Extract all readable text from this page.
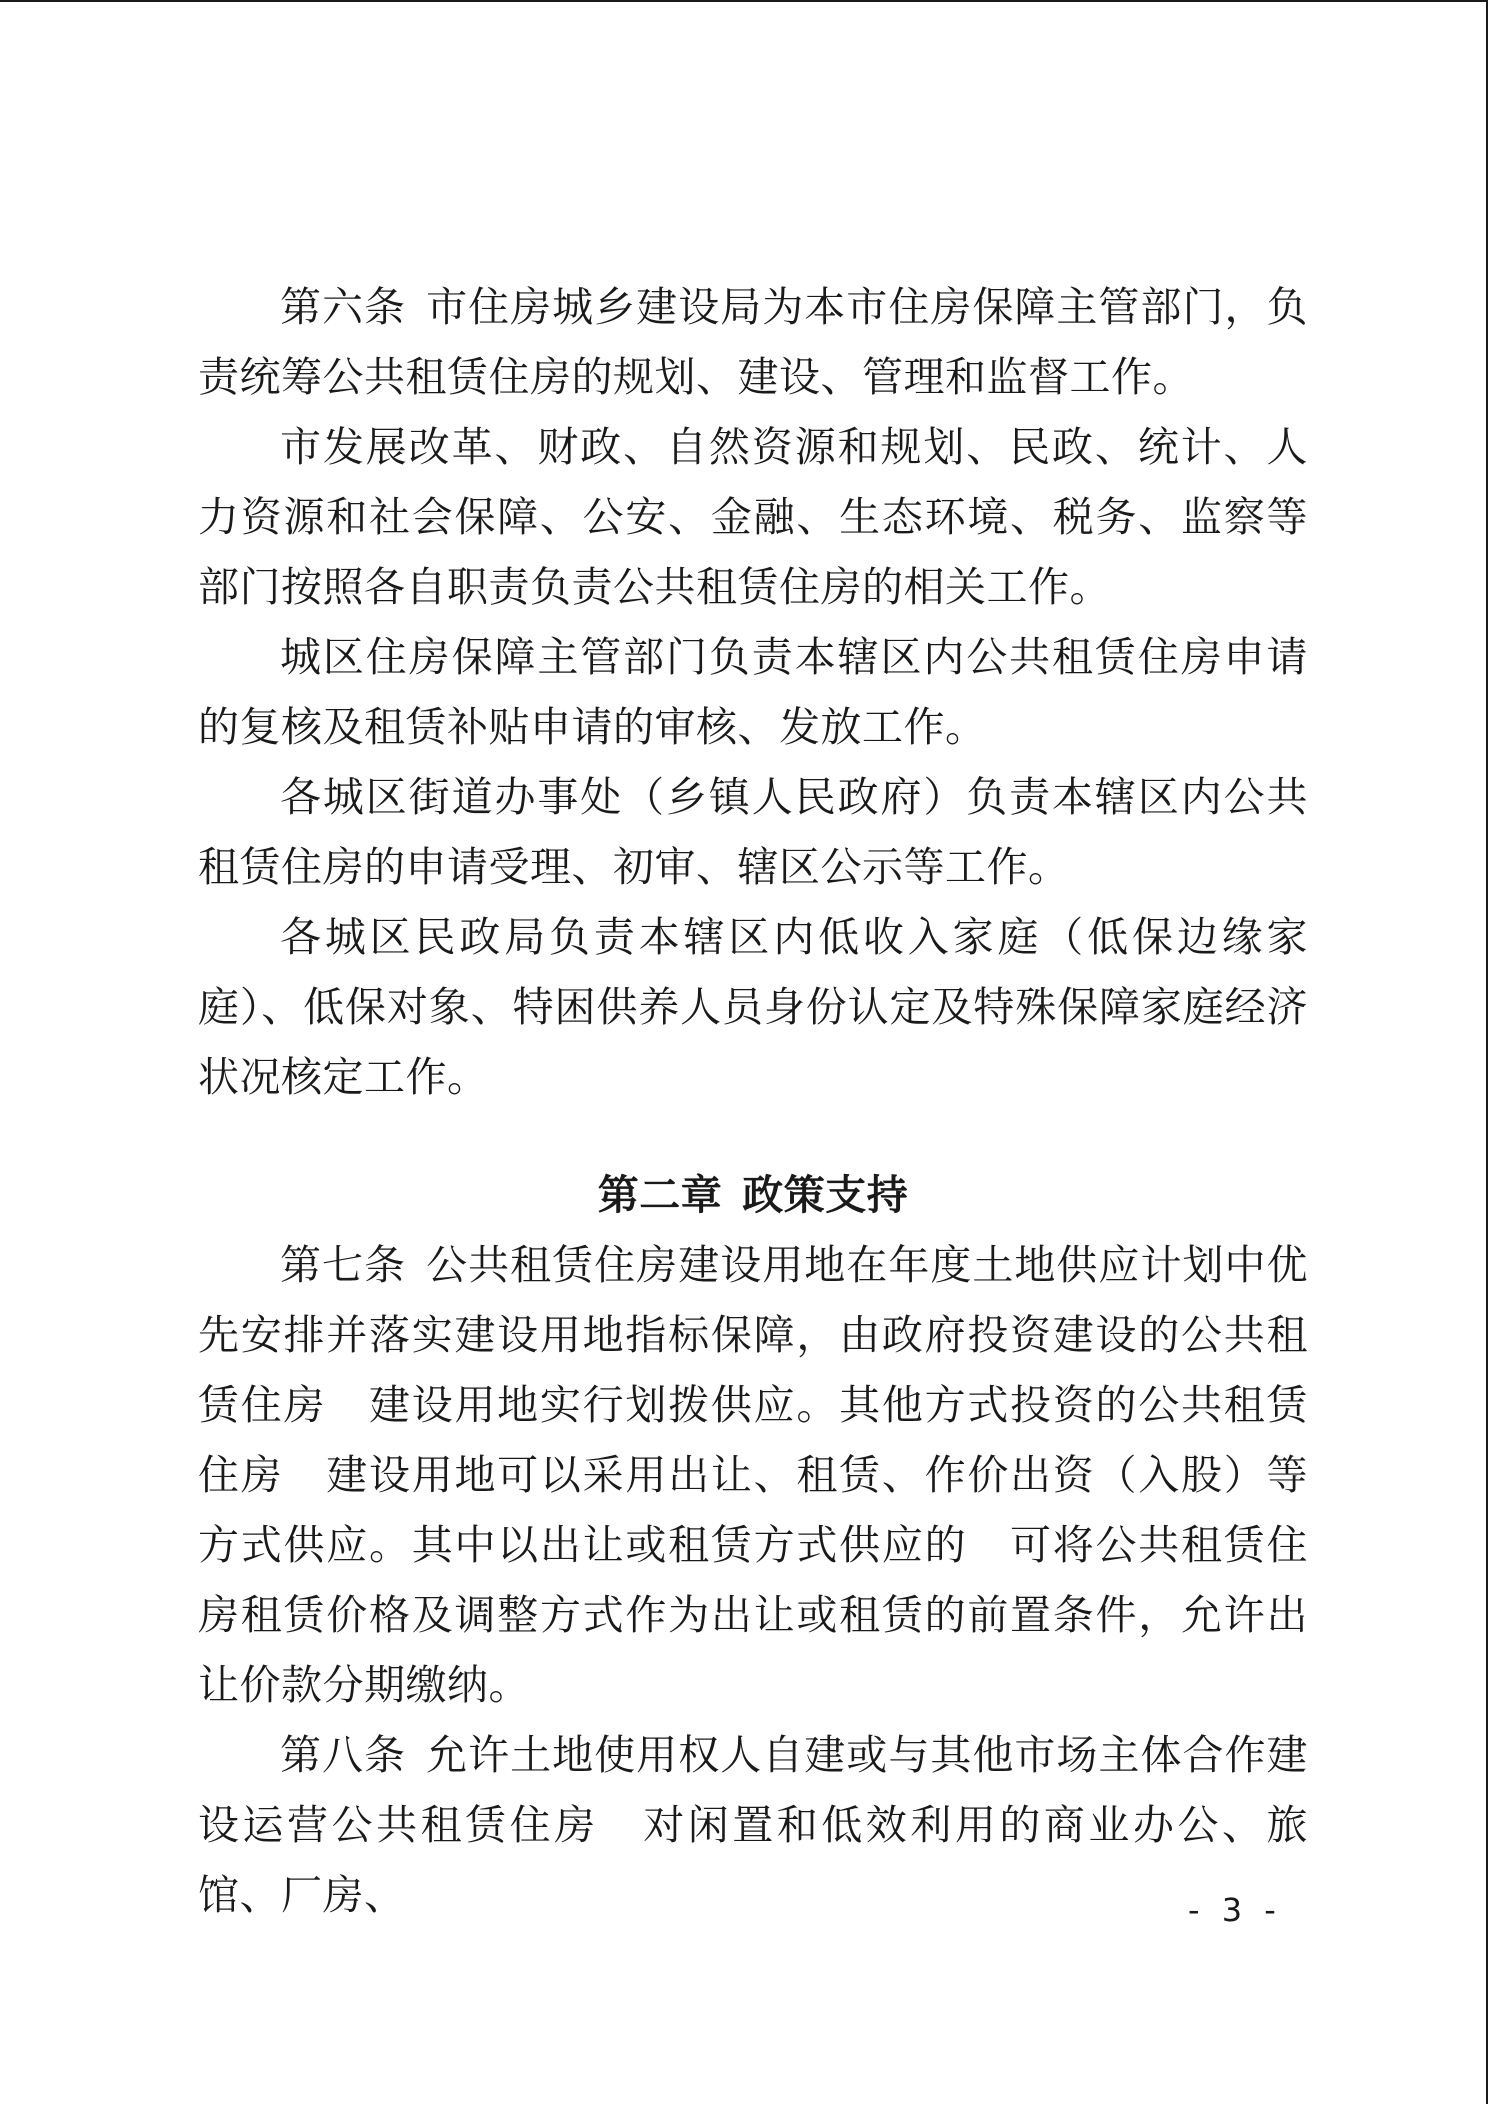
第六条 市住房城乡建设局为本市住房保障主管部门，负责统筹公共租赁住房的规划、建设、管理和监督工作。

市发展改革、财政、自然资源和规划、民政、统计、人力资源和社会保障、公安、金融、生态环境、税务、监察等部门按照各自职责负责公共租赁住房的相关工作。

城区住房保障主管部门负责本辖区内公共租赁住房申请的复核及租赁补贴申请的审核、发放工作。

各城区街道办事处（乡镇人民政府）负责本辖区内公共租赁住房的申请受理、初审、辖区公示等工作。

各城区民政局负责本辖区内低收入家庭（低保边缘家庭）、低保对象、特困供养人员身份认定及特殊保障家庭经济状况核定工作。

第二章 政策支持

第七条 公共租赁住房建设用地在年度土地供应计划中优先安排并落实建设用地指标保障，由政府投资建设的公共租赁住房　建设用地实行划拨供应。其他方式投资的公共租赁住房　建设用地可以采用出让、租赁、作价出资（入股）等方式供应。其中以出让或租赁方式供应的　可将公共租赁住房租赁价格及调整方式作为出让或租赁的前置条件，允许出让价款分期缴纳。

第八条 允许土地使用权人自建或与其他市场主体合作建设运营公共租赁住房　对闲置和低效利用的商业办公、旅馆、厂房、	- 3 -
